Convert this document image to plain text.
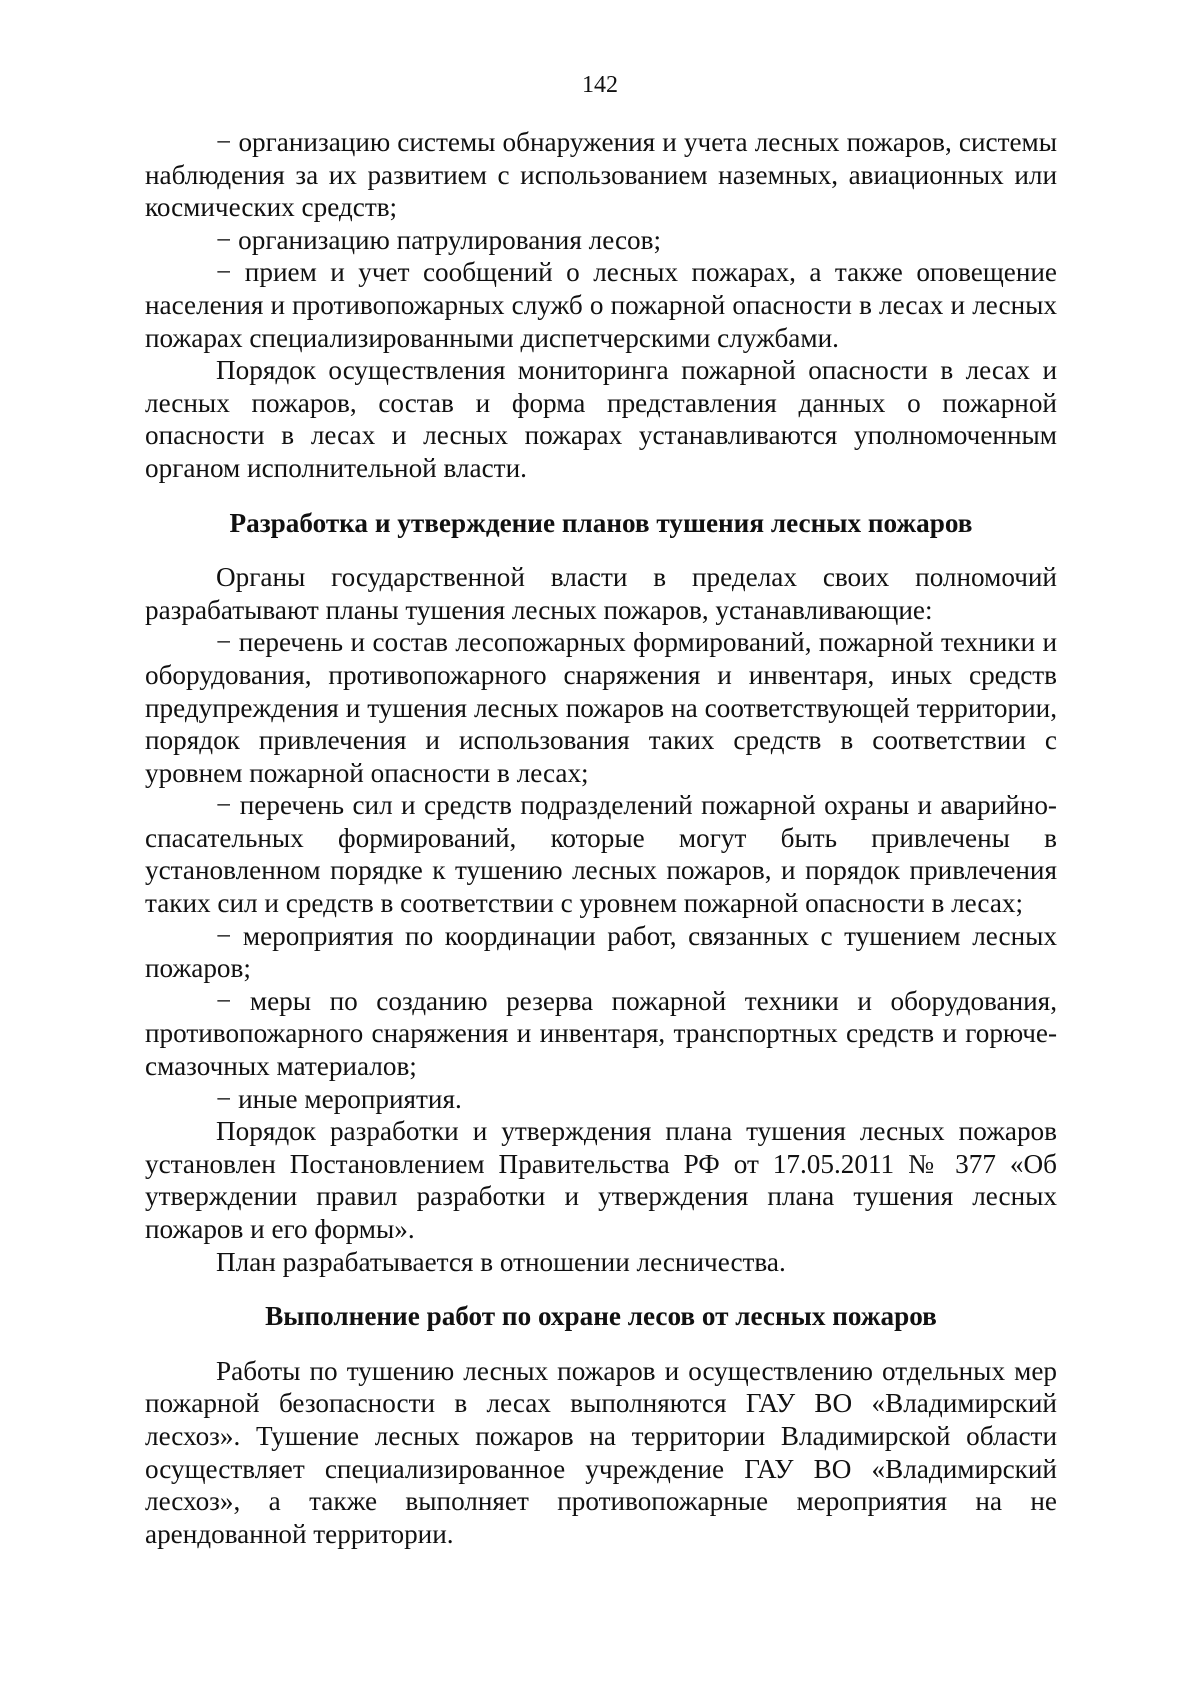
142

− организацию системы обнаружения и учета лесных пожаров, системы наблюдения за их развитием с использованием наземных, авиационных или космических средств;

− организацию патрулирования лесов;

− прием и учет сообщений о лесных пожарах, а также оповещение населения и противопожарных служб о пожарной опасности в лесах и лесных пожарах специализированными диспетчерскими службами.

Порядок осуществления мониторинга пожарной опасности в лесах и лесных пожаров, состав и форма представления данных о пожарной опасности в лесах и лесных пожарах устанавливаются уполномоченным органом исполнительной власти.

Разработка и утверждение планов тушения лесных пожаров

Органы государственной власти в пределах своих полномочий разрабатывают планы тушения лесных пожаров, устанавливающие:

− перечень и состав лесопожарных формирований, пожарной техники и оборудования, противопожарного снаряжения и инвентаря, иных средств предупреждения и тушения лесных пожаров на соответствующей территории, порядок привлечения и использования таких средств в соответствии с уровнем пожарной опасности в лесах;

− перечень сил и средств подразделений пожарной охраны и аварийно-спасательных формирований, которые могут быть привлечены в установленном порядке к тушению лесных пожаров, и порядок привлечения таких сил и средств в соответствии с уровнем пожарной опасности в лесах;

− мероприятия по координации работ, связанных с тушением лесных пожаров;

− меры по созданию резерва пожарной техники и оборудования, противопожарного снаряжения и инвентаря, транспортных средств и горюче-смазочных материалов;

− иные мероприятия.

Порядок разработки и утверждения плана тушения лесных пожаров установлен Постановлением Правительства РФ от 17.05.2011 № 377 «Об утверждении правил разработки и утверждения плана тушения лесных пожаров и его формы».

План разрабатывается в отношении лесничества.

Выполнение работ по охране лесов от лесных пожаров

Работы по тушению лесных пожаров и осуществлению отдельных мер пожарной безопасности в лесах выполняются ГАУ ВО «Владимирский лесхоз». Тушение лесных пожаров на территории Владимирской области осуществляет специализированное учреждение ГАУ ВО «Владимирский лесхоз», а также выполняет противопожарные мероприятия на не арендованной территории.
